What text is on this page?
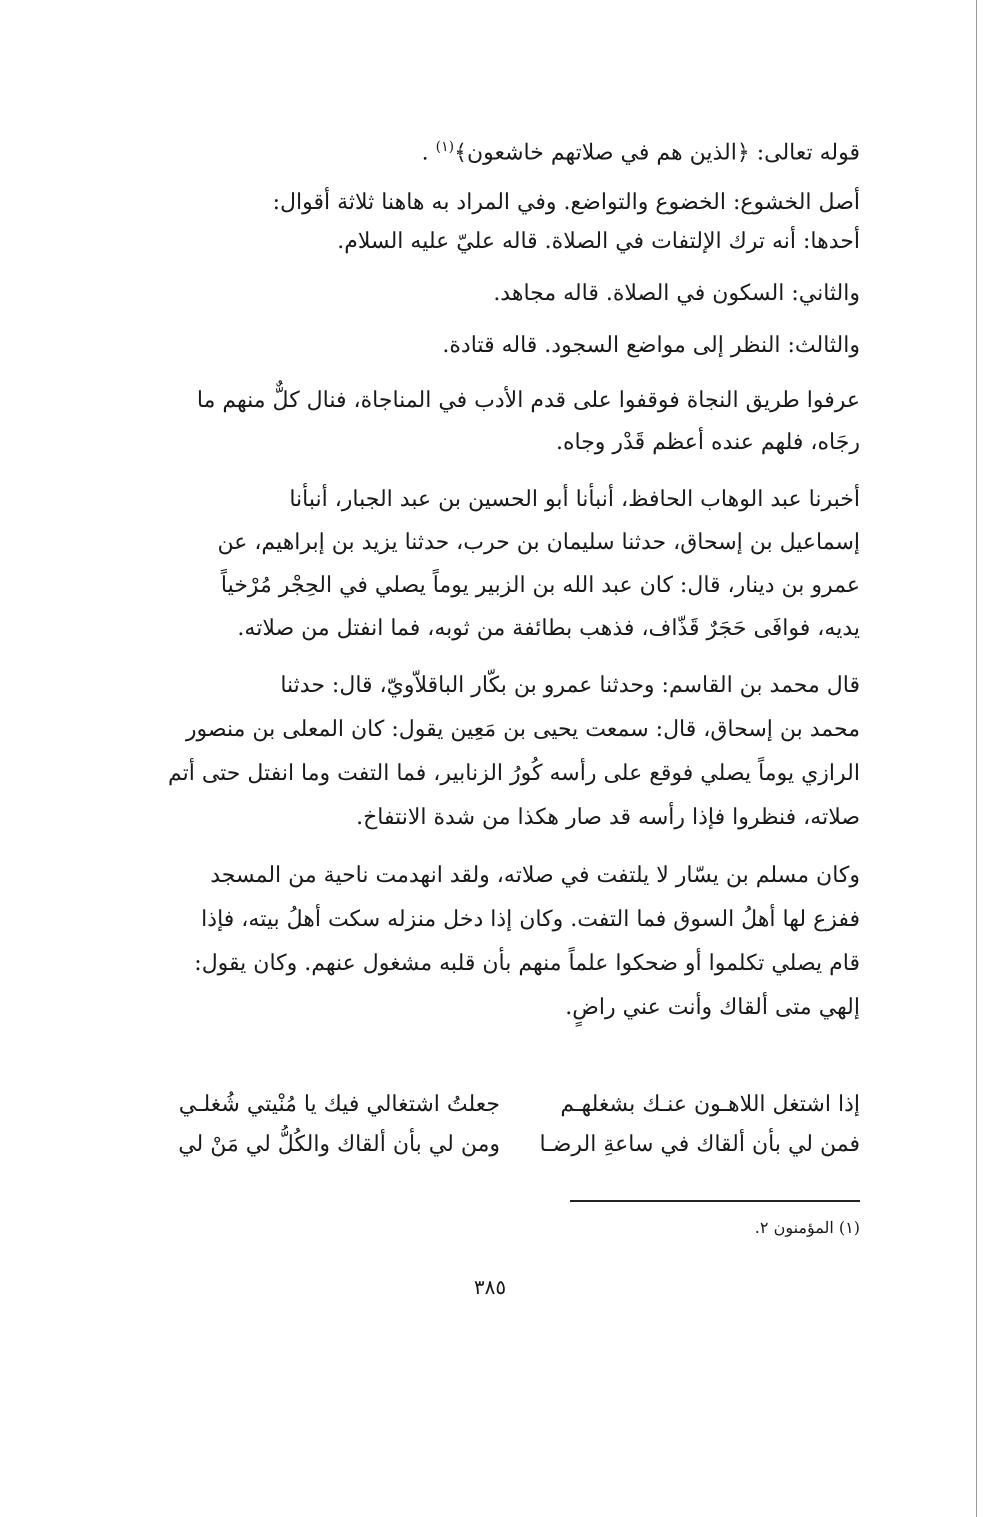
قوله تعالى: ﴿الذين هم في صلاتهم خاشعون﴾$^{(١)}$ .
أصل الخشوع: الخضوع والتواضع. وفي المراد به هاهنا ثلاثة أقوال:
أحدها: أنه ترك الإلتفات في الصلاة. قاله عليّ عليه السلام.
والثاني: السكون في الصلاة. قاله مجاهد.
والثالث: النظر إلى مواضع السجود. قاله قتادة.
عرفوا طريق النجاة فوقفوا على قدم الأدب في المناجاة، فنال كلٌّ منهم ما
رجَاه، فلهم عنده أعظم قَدْر وجاه.
أخبرنا عبد الوهاب الحافظ، أنبأنا أبو الحسين بن عبد الجبار، أنبأنا
إسماعيل بن إسحاق، حدثنا سليمان بن حرب، حدثنا يزيد بن إبراهيم، عن
عمرو بن دينار، قال: كان عبد الله بن الزبير يوماً يصلي في الحِجْر مُرْخياً
يديه، فوافَى حَجَرٌ قَذّاف، فذهب بطائفة من ثوبه، فما انفتل من صلاته.
قال محمد بن القاسم: وحدثنا عمرو بن بكّار الباقلاّويّ، قال: حدثنا
محمد بن إسحاق، قال: سمعت يحيى بن مَعِين يقول: كان المعلى بن منصور
الرازي يوماً يصلي فوقع على رأسه كُورُ الزنابير، فما التفت وما انفتل حتى أتم
صلاته، فنظروا فإذا رأسه قد صار هكذا من شدة الانتفاخ.
وكان مسلم بن يسّار لا يلتفت في صلاته، ولقد انهدمت ناحية من المسجد
ففزع لها أهلُ السوق فما التفت. وكان إذا دخل منزله سكت أهلُ بيته، فإذا
قام يصلي تكلموا أو ضحكوا علماً منهم بأن قلبه مشغول عنهم. وكان يقول:
إلهي متى ألقاك وأنت عني راضٍ.
إذا اشتغل اللاهـون عنـك بشغلهـم
جعلتُ اشتغالي فيك يا مُنْيتي شُغلـي
فمن لي بأن ألقاك في ساعةِ الرضـا
ومن لي بأن ألقاك والكُلُّ لي مَنْ لي
(١) المؤمنون ٢.
٣٨٥
